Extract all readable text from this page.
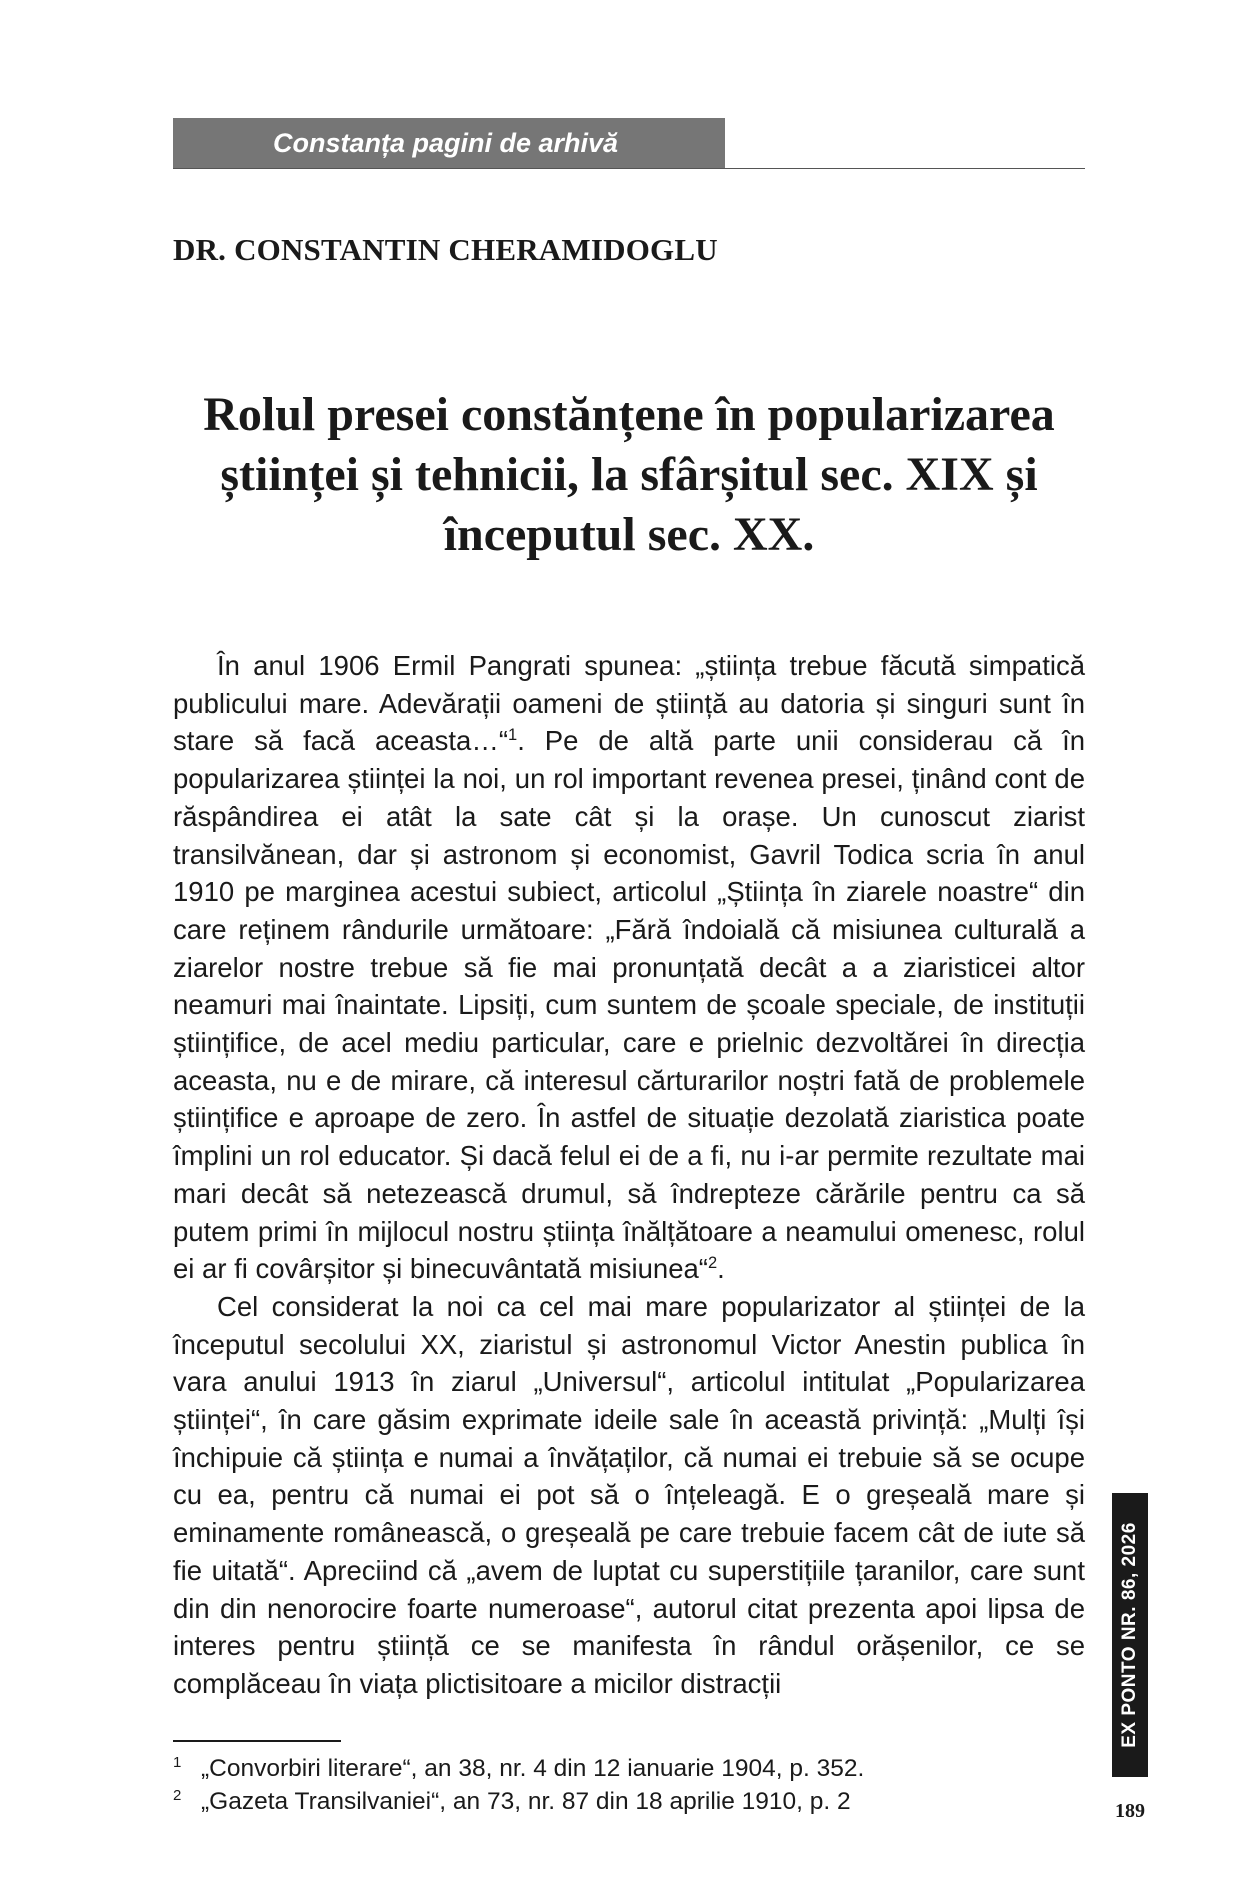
Constanța pagini de arhivă
DR. CONSTANTIN CHERAMIDOGLU
Rolul presei constănțene în popularizarea științei și tehnicii, la sfârșitul sec. XIX și începutul sec. XX.

În anul 1906 Ermil Pangrati spunea: „știința trebue făcută simpatică publicului mare. Adevărații oameni de știință au datoria și singuri sunt în stare să facă aceasta…“$^1$. Pe de altă parte unii considerau că în popularizarea științei la noi, un rol important revenea presei, ținând cont de răspândirea ei atât la sate cât și la orașe. Un cunoscut ziarist transilvănean, dar și astronom și economist, Gavril Todica scria în anul 1910 pe marginea acestui subiect, articolul „Știința în ziarele noastre“ din care reținem rândurile următoare: „Fără îndoială că misiunea culturală a ziarelor nostre trebue să fie mai pronunțată decât a a ziaristicei altor neamuri mai înaintate. Lipsiți, cum suntem de școale speciale, de instituții științifice, de acel mediu particular, care e prielnic dezvoltărei în direcția aceasta, nu e de mirare, că interesul cărturarilor noștri fată de problemele științifice e aproape de zero. În astfel de situație dezolată ziaristica poate împlini un rol educator. Și dacă felul ei de a fi, nu i-ar permite rezultate mai mari decât să netezească drumul, să îndrepteze cărările pentru ca să putem primi în mijlocul nostru știința înălțătoare a neamului omenesc, rolul ei ar fi covârșitor și binecuvântată misiunea“$^2$.

Cel considerat la noi ca cel mai mare popularizator al științei de la începutul secolului XX, ziaristul și astronomul Victor Anestin publica în vara anului 1913 în ziarul „Universul“, articolul intitulat „Popularizarea științei“, în care găsim exprimate ideile sale în această privință: „Mulți își închipuie că știința e numai a învățaților, că numai ei trebuie să se ocupe cu ea, pentru că numai ei pot să o înțeleagă. E o greșeală mare și eminamente românească, o greșeală pe care trebuie facem cât de iute să fie uitată“. Apreciind că „avem de luptat cu superstițiile țaranilor, care sunt din din nenorocire foarte numeroase“, autorul citat prezenta apoi lipsa de interes pentru știință ce se manifesta în rândul orășenilor, ce se complăceau în viața plictisitoare a micilor distracții

1 „Convorbiri literare“, an 38, nr. 4 din 12 ianuarie 1904, p. 352.
2 „Gazeta Transilvaniei“, an 73, nr. 87 din 18 aprilie 1910, p. 2
EX PONTO NR. 86, 2026
189
